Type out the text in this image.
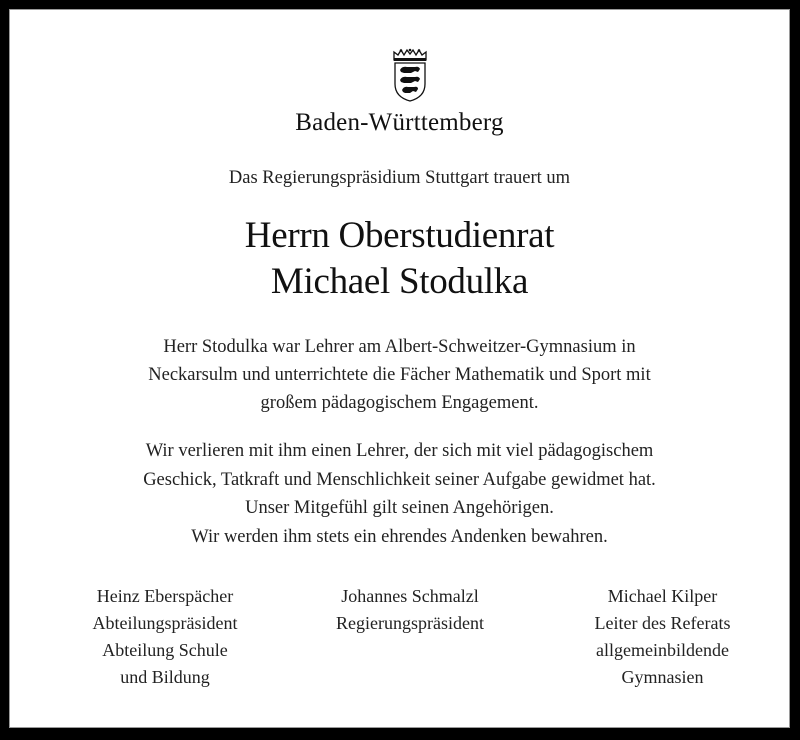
Baden-Württemberg
Das Regierungspräsidium Stuttgart trauert um
Herrn Oberstudienrat
Michael Stodulka
Herr Stodulka war Lehrer am Albert-Schweitzer-Gymnasium in
Neckarsulm und unterrichtete die Fächer Mathematik und Sport mit
großem pädagogischem Engagement.
Wir verlieren mit ihm einen Lehrer, der sich mit viel pädagogischem
Geschick, Tatkraft und Menschlichkeit seiner Aufgabe gewidmet hat.
Unser Mitgefühl gilt seinen Angehörigen.
Wir werden ihm stets ein ehrendes Andenken bewahren.
Heinz Eberspächer
Abteilungspräsident
Abteilung Schule
und Bildung
Johannes Schmalzl
Regierungspräsident
Michael Kilper
Leiter des Referats
allgemeinbildende
Gymnasien
